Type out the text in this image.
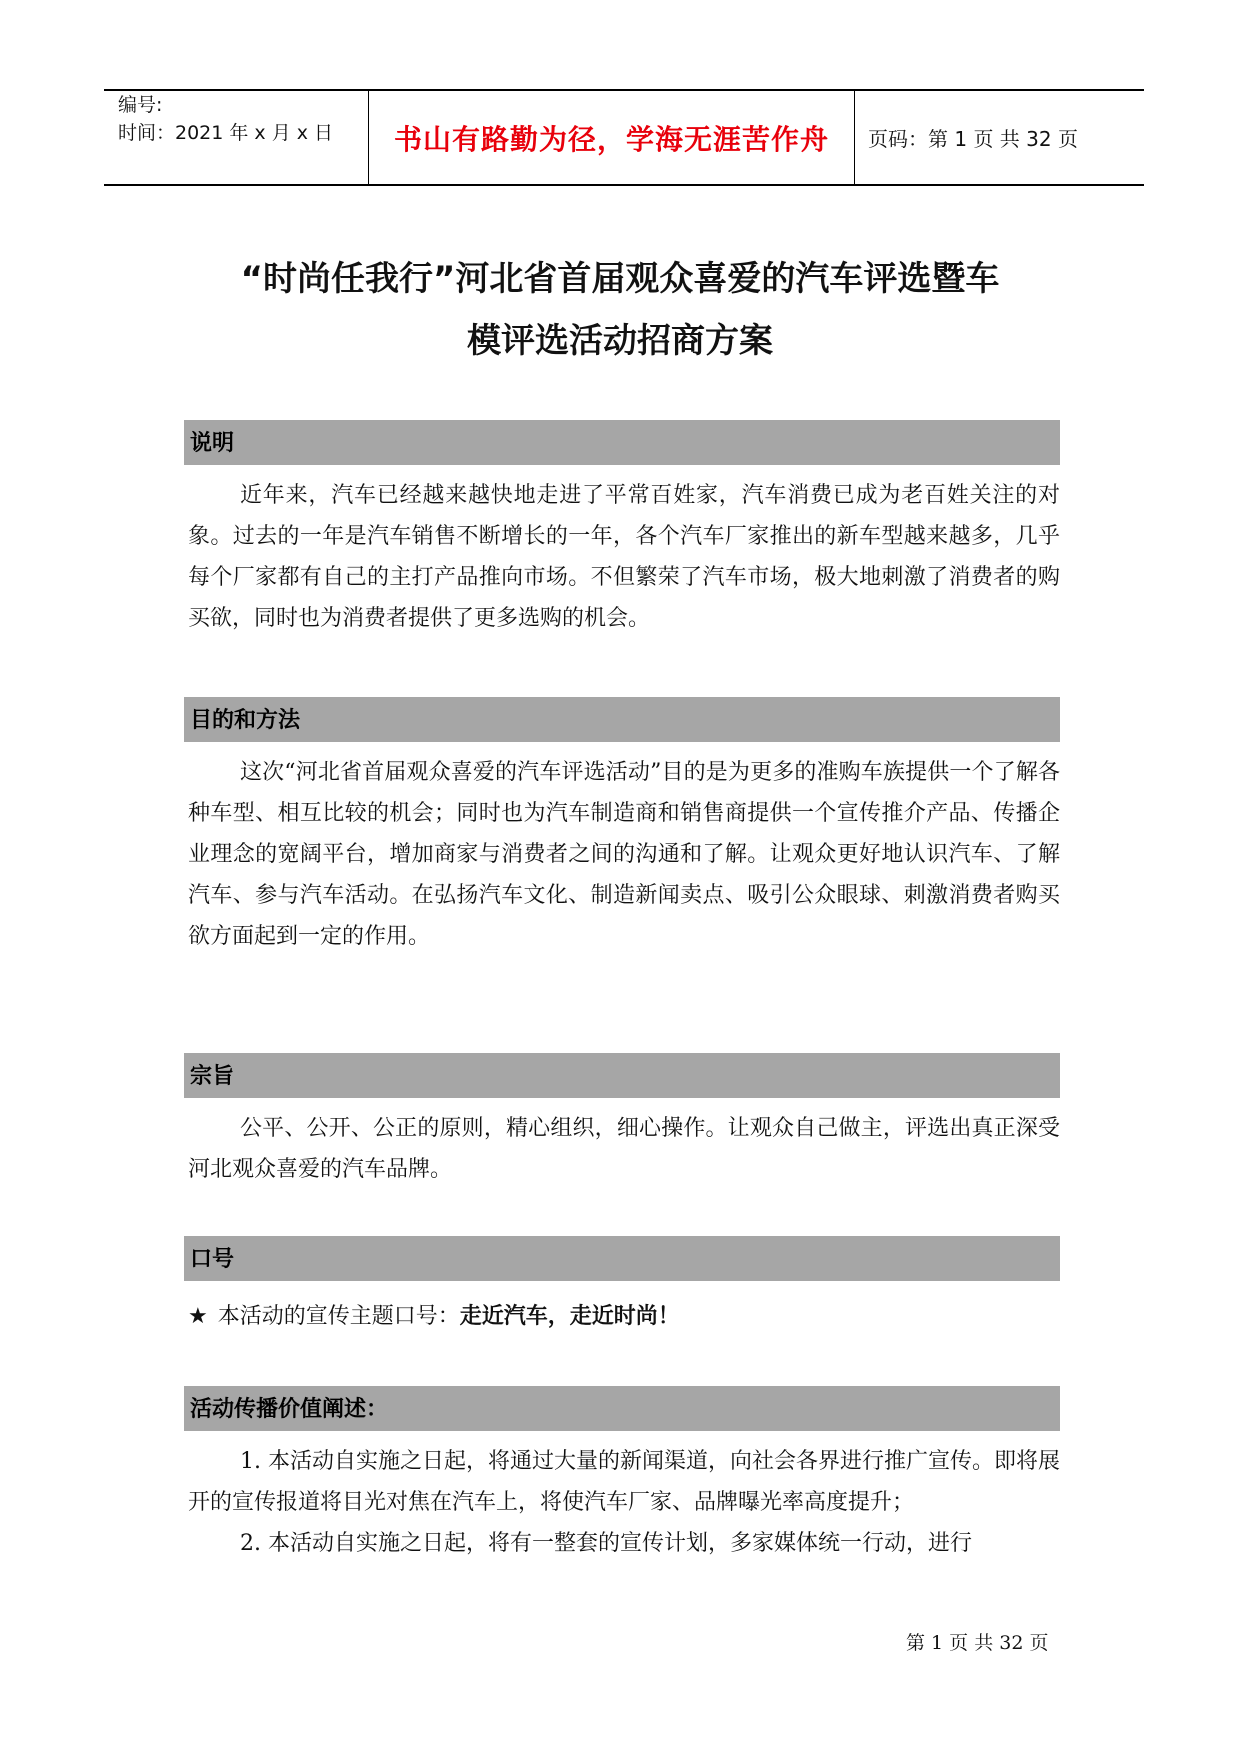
编号:
时间：2021 年 x 月 x 日 书山有路勤为径，学海无涯苦作舟 页码：第 1 页 共 32 页
“时尚任我行”河北省首届观众喜爱的汽车评选暨车
模评选活动招商方案
说明
近年来，汽车已经越来越快地走进了平常百姓家，汽车消费已成为老百姓关注的对象。过去的一年是汽车销售不断增长的一年，各个汽车厂家推出的新车型越来越多，几乎每个厂家都有自己的主打产品推向市场。不但繁荣了汽车市场，极大地刺激了消费者的购买欲，同时也为消费者提供了更多选购的机会。
目的和方法
这次“河北省首届观众喜爱的汽车评选活动”目的是为更多的准购车族提供一个了解各种车型、相互比较的机会；同时也为汽车制造商和销售商提供一个宣传推介产品、传播企业理念的宽阔平台，增加商家与消费者之间的沟通和了解。让观众更好地认识汽车、了解汽车、参与汽车活动。在弘扬汽车文化、制造新闻卖点、吸引公众眼球、刺激消费者购买欲方面起到一定的作用。
宗旨
公平、公开、公正的原则，精心组织，细心操作。让观众自己做主，评选出真正深受河北观众喜爱的汽车品牌。
口号
★ 本活动的宣传主题口号：走近汽车，走近时尚！
活动传播价值阐述：
1. 本活动自实施之日起，将通过大量的新闻渠道，向社会各界进行推广宣传。即将展开的宣传报道将目光对焦在汽车上，将使汽车厂家、品牌曝光率高度提升；
2. 本活动自实施之日起，将有一整套的宣传计划，多家媒体统一行动，进行
第 1 页 共 32 页
